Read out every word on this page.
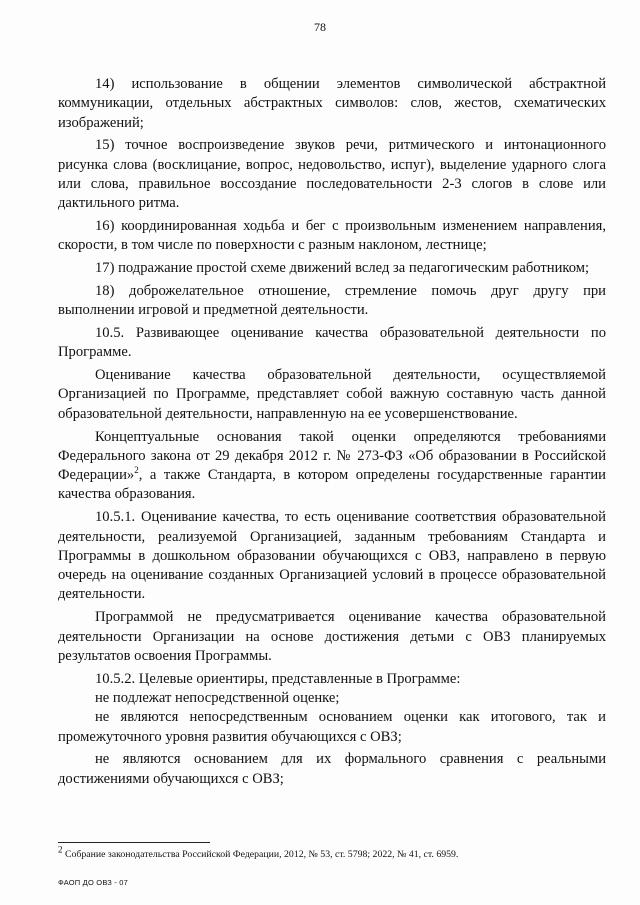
78

14) использование в общении элементов символической абстрактной коммуникации, отдельных абстрактных символов: слов, жестов, схематических изображений;

15) точное воспроизведение звуков речи, ритмического и интонационного рисунка слова (восклицание, вопрос, недовольство, испуг), выделение ударного слога или слова, правильное воссоздание последовательности 2-3 слогов в слове или дактильного ритма.

16) координированная ходьба и бег с произвольным изменением направления, скорости, в том числе по поверхности с разным наклоном, лестнице;

17) подражание простой схеме движений вслед за педагогическим работником;

18) доброжелательное отношение, стремление помочь друг другу при выполнении игровой и предметной деятельности.

10.5. Развивающее оценивание качества образовательной деятельности по Программе.

Оценивание качества образовательной деятельности, осуществляемой Организацией по Программе, представляет собой важную составную часть данной образовательной деятельности, направленную на ее усовершенствование.

Концептуальные основания такой оценки определяются требованиями Федерального закона от 29 декабря 2012 г. № 273-ФЗ «Об образовании в Российской Федерации»$^2$, а также Стандарта, в котором определены государственные гарантии качества образования.

10.5.1. Оценивание качества, то есть оценивание соответствия образовательной деятельности, реализуемой Организацией, заданным требованиям Стандарта и Программы в дошкольном образовании обучающихся с ОВЗ, направлено в первую очередь на оценивание созданных Организацией условий в процессе образовательной деятельности.

Программой не предусматривается оценивание качества образовательной деятельности Организации на основе достижения детьми с ОВЗ планируемых результатов освоения Программы.

10.5.2. Целевые ориентиры, представленные в Программе:

не подлежат непосредственной оценке;

не являются непосредственным основанием оценки как итогового, так и промежуточного уровня развития обучающихся с ОВЗ;

не являются основанием для их формального сравнения с реальными достижениями обучающихся с ОВЗ;

$^2$ Собрание законодательства Российской Федерации, 2012, № 53, ст. 5798; 2022, № 41, ст. 6959.
ФАОП ДО ОВЗ - 07
